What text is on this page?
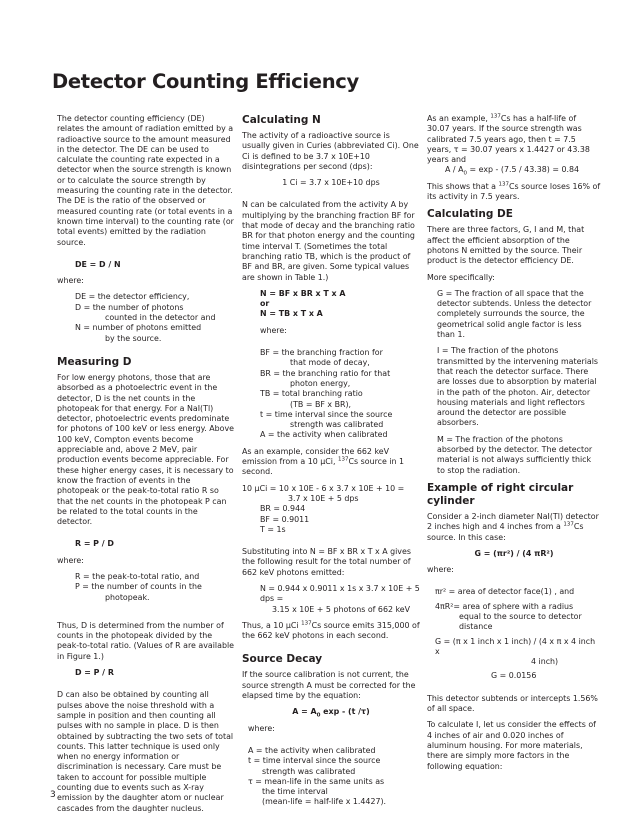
Detector Counting Efficiency

The detector counting efficiency (DE) relates the amount of radiation emitted by a radioactive source to the amount measured in the detector. The DE can be used to calculate the counting rate expected in a detector when the source strength is known or to calculate the source strength by measuring the counting rate in the detector. The DE is the ratio of the observed or measured counting rate (or total events in a known time interval) to the counting rate (or total events) emitted by the radiation source.

DE = D / N

where:

DE = the detector efficiency,
D = the number of photons
counted in the detector and
N = number of photons emitted
by the source.
Measuring D

For low energy photons, those that are absorbed as a photoelectric event in the detector, D is the net counts in the photopeak for that energy. For a NaI(Tl) detector, photoelectric events predominate for photons of 100 keV or less energy. Above 100 keV, Compton events become appreciable and, above 2 MeV, pair production events become appreciable. For these higher energy cases, it is necessary to know the fraction of events in the photopeak or the peak-to-total ratio R so that the net counts in the photopeak P can be related to the total counts in the detector.

R = P / D

where:

R = the peak-to-total ratio, and
P = the number of counts in the
photopeak.

Thus, D is determined from the number of counts in the photopeak divided by the peak-to-total ratio. (Values of R are available in Figure 1.)

D = P / R

D can also be obtained by counting all pulses above the noise threshold with a sample in position and then counting all pulses with no sample in place. D is then obtained by subtracting the two sets of total counts. This latter technique is used only when no energy information or discrimination is necessary. Care must be taken to account for possible multiple counting due to events such as X-ray emission by the daughter atom or nuclear cascades from the daughter nucleus.

Calculating N

The activity of a radioactive source is usually given in Curies (abbreviated Ci). One Ci is defined to be 3.7 x 10E+10 disintegrations per second (dps):

1 Ci = 3.7 x 10E+10 dps

N can be calculated from the activity A by multiplying by the branching fraction BF for that mode of decay and the branching ratio BR for that photon energy and the counting time interval T. (Sometimes the total branching ratio TB, which is the product of BF and BR, are given. Some typical values are shown in Table 1.)

N = BF x BR x T x A
or
N = TB x T x A

where:

BF = the branching fraction for
that mode of decay,
BR = the branching ratio for that
photon energy,
TB = total branching ratio
(TB = BF x BR),
t = time interval since the source
strength was calibrated
A = the activity when calibrated

As an example, consider the 662 keV emission from a 10 µCi, $^{137}$Cs source in 1 second.

10 µCi = 10 x 10E - 6 x 3.7 x 10E + 10 =
3.7 x 10E + 5 dps
BR = 0.944
BF = 0.9011
T = 1s

Substituting into N = BF x BR x T x A gives the following result for the total number of 662 keV photons emitted:

N = 0.944 x 0.9011 x 1s x 3.7 x 10E + 5 dps =
3.15 x 10E + 5 photons of 662 keV

Thus, a 10 µCi $^{137}$Cs source emits 315,000 of the 662 keV photons in each second.

Source Decay

If the source calibration is not current, the source strength A must be corrected for the elapsed time by the equation:

$A = A_0$ exp - (t /τ)

where:

A = the activity when calibrated
t = time interval since the source
strength was calibrated
τ = mean-life in the same units as
the time interval
(mean-life = half-life x 1.4427).

As an example, $^{137}$Cs has a half-life of 30.07 years. If the source strength was calibrated 7.5 years ago, then t = 7.5 years, τ = 30.07 years x 1.4427 or 43.38 years and
$A / A_0 = \exp - (7.5 / 43.38) = 0.84$

This shows that a $^{137}$Cs source loses 16% of its activity in 7.5 years.

Calculating DE

There are three factors, G, I and M, that affect the efficient absorption of the photons N emitted by the source. Their product is the detector efficiency DE.

More specifically:

G = The fraction of all space that the detector subtends. Unless the detector completely surrounds the source, the geometrical solid angle factor is less than 1.

I = The fraction of the photons transmitted by the intervening materials that reach the detector surface. There are losses due to absorption by material in the path of the photon. Air, detector housing materials and light reflectors around the detector are possible absorbers.

M = The fraction of the photons absorbed by the detector. The detector material is not always sufficiently thick to stop the radiation.

Example of right circular cylinder

Consider a 2-inch diameter NaI(Tl) detector 2 inches high and 4 inches from a $^{137}$Cs source. In this case:

G = (πr²) / (4 πR²)

where:

πr² = area of detector face(1) , and
4πR²= area of sphere with a radius
equal to the source to detector
distance
G = (π x 1 inch x 1 inch) / (4 x π x 4 inch x
4 inch)
G = 0.0156

This detector subtends or intercepts 1.56% of all space.

To calculate I, let us consider the effects of 4 inches of air and 0.020 inches of aluminum housing. For more materials, there are simply more factors in the following equation:

3
